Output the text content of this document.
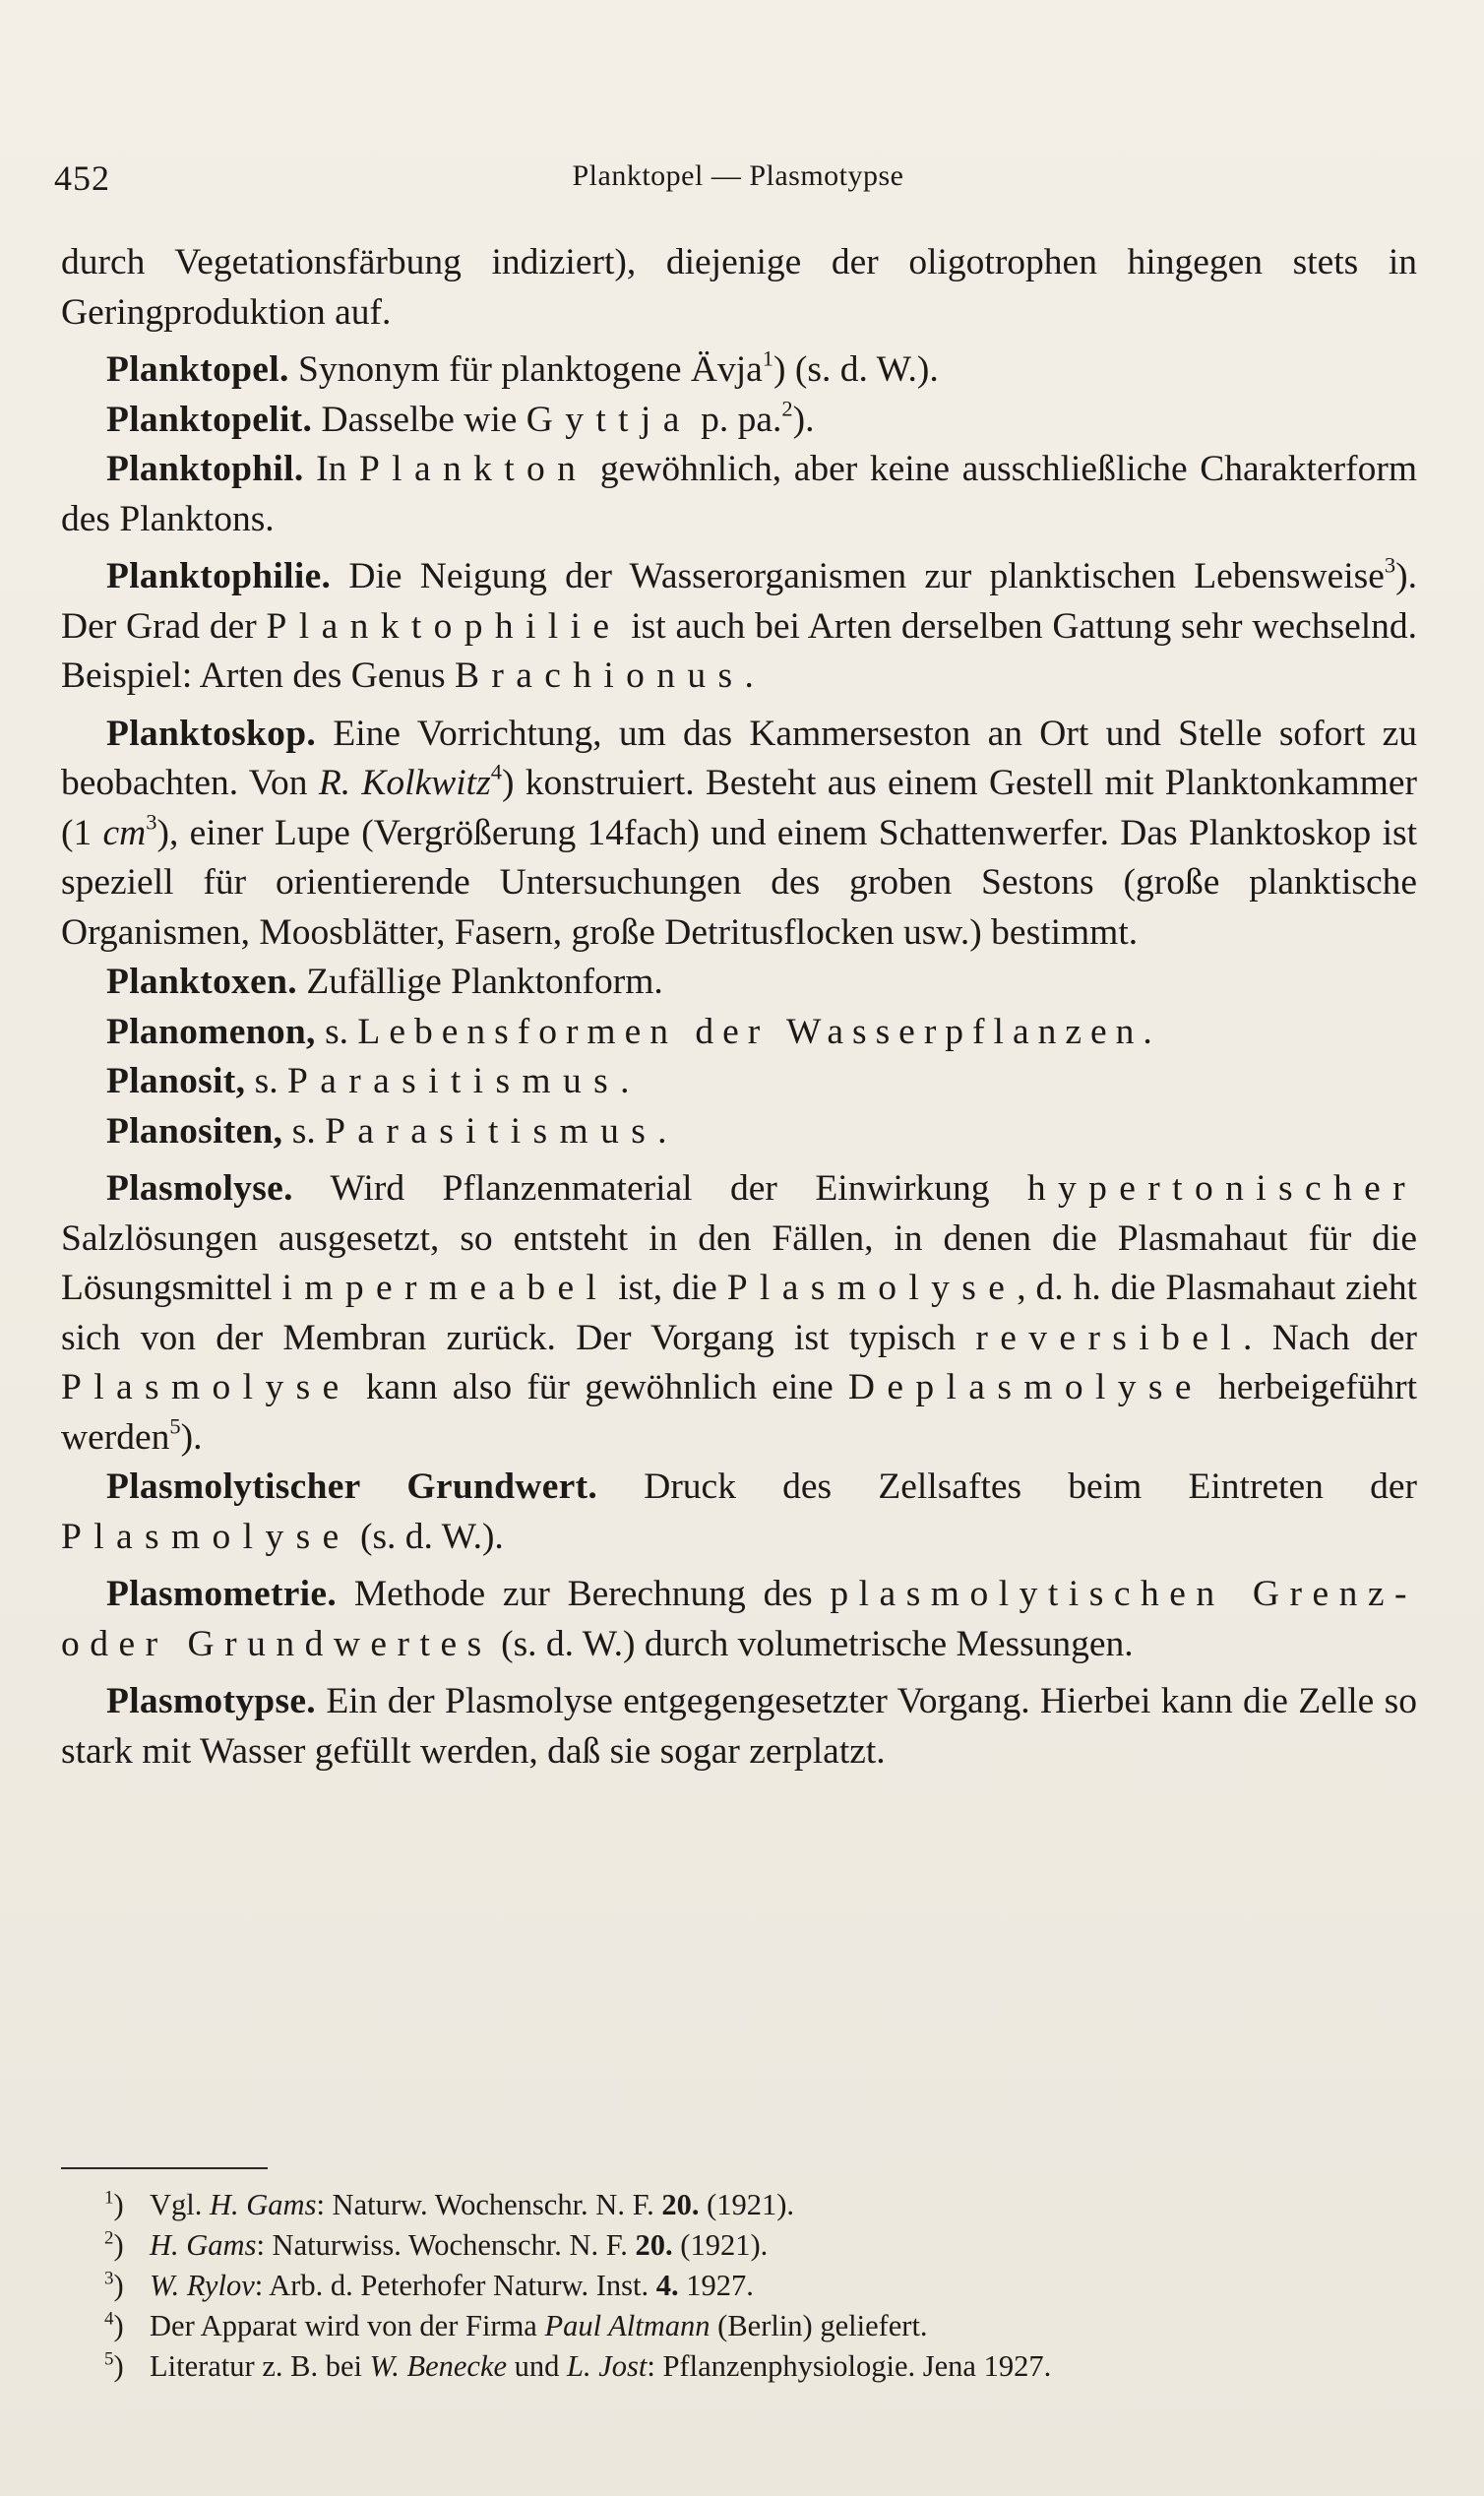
452	Planktopel — Plasmotypse

durch Vegetationsfärbung indiziert), diejenige der oligotrophen hingegen stets in Geringproduktion auf.

Planktopel. Synonym für planktogene Ävja$^1$) (s. d. W.).

Planktopelit. Dasselbe wie Gyttja p. pa.$^2$).

Planktophil. In Plankton gewöhnlich, aber keine ausschließliche Charakterform des Planktons.

Planktophilie. Die Neigung der Wasserorganismen zur planktischen Lebensweise$^3$). Der Grad der Planktophilie ist auch bei Arten derselben Gattung sehr wechselnd. Beispiel: Arten des Genus Brachionus.

Planktoskop. Eine Vorrichtung, um das Kammerseston an Ort und Stelle sofort zu beobachten. Von R. Kolkwitz$^4$) konstruiert. Besteht aus einem Gestell mit Planktonkammer (1 $cm^3$), einer Lupe (Vergrößerung 14fach) und einem Schattenwerfer. Das Planktoskop ist speziell für orientierende Untersuchungen des groben Sestons (große planktische Organismen, Moosblätter, Fasern, große Detritusflocken usw.) bestimmt.

Planktoxen. Zufällige Planktonform.

Planomenon, s. Lebensformen der Wasserpflanzen.

Planosit, s. Parasitismus.

Planositen, s. Parasitismus.

Plasmolyse. Wird Pflanzenmaterial der Einwirkung hypertonischer Salzlösungen ausgesetzt, so entsteht in den Fällen, in denen die Plasmahaut für die Lösungsmittel impermeabel ist, die Plasmolyse, d. h. die Plasmahaut zieht sich von der Membran zurück. Der Vorgang ist typisch reversibel. Nach der Plasmolyse kann also für gewöhnlich eine Deplasmolyse herbeigeführt werden$^5$).

Plasmolytischer Grundwert. Druck des Zellsaftes beim Eintreten der Plasmolyse (s. d. W.).

Plasmometrie. Methode zur Berechnung des plasmolytischen Grenz- oder Grundwertes (s. d. W.) durch volumetrische Messungen.

Plasmotypse. Ein der Plasmolyse entgegengesetzter Vorgang. Hierbei kann die Zelle so stark mit Wasser gefüllt werden, daß sie sogar zerplatzt.

$^1$) Vgl. H. Gams: Naturw. Wochenschr. N. F. 20. (1921).
$^2$) H. Gams: Naturwiss. Wochenschr. N. F. 20. (1921).
$^3$) W. Rylov: Arb. d. Peterhofer Naturw. Inst. 4. 1927.
$^4$) Der Apparat wird von der Firma Paul Altmann (Berlin) geliefert.
$^5$) Literatur z. B. bei W. Benecke und L. Jost: Pflanzenphysiologie. Jena 1927.
